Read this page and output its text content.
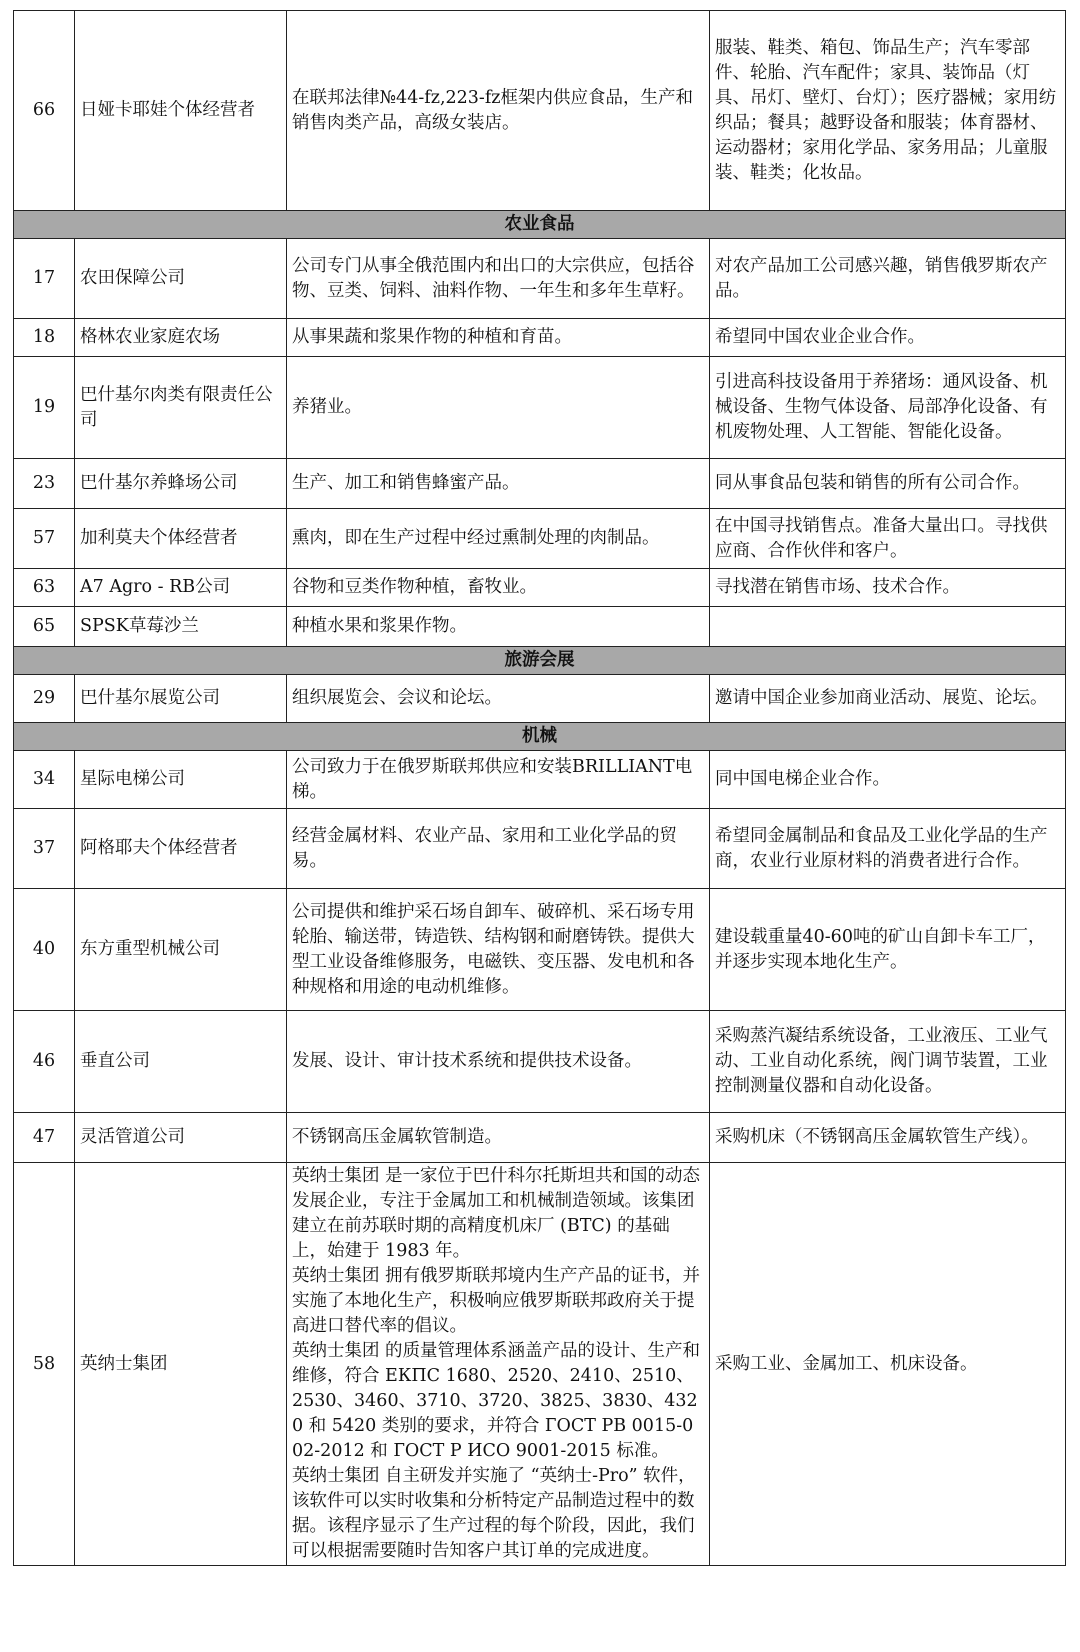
66	日娅卡耶娃个体经营者	在联邦法律№44-fz,223-fz框架内供应食品，生产和销售肉类产品，高级女装店。	服装、鞋类、箱包、饰品生产；汽车零部件、轮胎、汽车配件；家具、装饰品（灯具、吊灯、壁灯、台灯）；医疗器械；家用纺织品；餐具；越野设备和服装；体育器材、运动器材；家用化学品、家务用品；儿童服装、鞋类；化妆品。
农业食品			
17	农田保障公司	公司专门从事全俄范围内和出口的大宗供应，包括谷物、豆类、饲料、油料作物、一年生和多年生草籽。	对农产品加工公司感兴趣，销售俄罗斯农产品。
18	格林农业家庭农场	从事果蔬和浆果作物的种植和育苗。	希望同中国农业企业合作。
19	巴什基尔肉类有限责任公司	养猪业。	引进高科技设备用于养猪场：通风设备、机械设备、生物气体设备、局部净化设备、有机废物处理、人工智能、智能化设备。
23	巴什基尔养蜂场公司	生产、加工和销售蜂蜜产品。	同从事食品包装和销售的所有公司合作。
57	加利莫夫个体经营者	熏肉，即在生产过程中经过熏制处理的肉制品。	在中国寻找销售点。准备大量出口。寻找供应商、合作伙伴和客户。
63	A7 Agro - RB公司	谷物和豆类作物种植，畜牧业。	寻找潜在销售市场、技术合作。
65	SPSK草莓沙兰	种植水果和浆果作物。	
旅游会展			
29	巴什基尔展览公司	组织展览会、会议和论坛。	邀请中国企业参加商业活动、展览、论坛。
机械			
34	星际电梯公司	公司致力于在俄罗斯联邦供应和安装BRILLIANT电梯。	同中国电梯企业合作。
37	阿格耶夫个体经营者	经营金属材料、农业产品、家用和工业化学品的贸易。	希望同金属制品和食品及工业化学品的生产商，农业行业原材料的消费者进行合作。
40	东方重型机械公司	公司提供和维护采石场自卸车、破碎机、采石场专用轮胎、输送带，铸造铁、结构钢和耐磨铸铁。提供大型工业设备维修服务，电磁铁、变压器、发电机和各种规格和用途的电动机维修。	建设载重量40-60吨的矿山自卸卡车工厂，并逐步实现本地化生产。
46	垂直公司	发展、设计、审计技术系统和提供技术设备。	采购蒸汽凝结系统设备，工业液压、工业气动、工业自动化系统，阀门调节装置，工业控制测量仪器和自动化设备。
47	灵活管道公司	不锈钢高压金属软管制造。	采购机床（不锈钢高压金属软管生产线）。
58	英纳士集团	英纳士集团 是一家位于巴什科尔托斯坦共和国的动态发展企业，专注于金属加工和机械制造领域。该集团建立在前苏联时期的高精度机床厂 (BTC) 的基础上，始建于 1983 年。
英纳士集团 拥有俄罗斯联邦境内生产产品的证书，并实施了本地化生产，积极响应俄罗斯联邦政府关于提高进口替代率的倡议。
英纳士集团 的质量管理体系涵盖产品的设计、生产和维修，符合 ЕКПС 1680、2520、2410、2510、2530、3460、3710、3720、3825、3830、4320 和 5420 类别的要求，并符合 ГОСТ РВ 0015-002-2012 和 ГОСТ Р ИСО 9001-2015 标准。
英纳士集团 自主研发并实施了 “英纳士-Pro” 软件，该软件可以实时收集和分析特定产品制造过程中的数据。该程序显示了生产过程的每个阶段，因此，我们可以根据需要随时告知客户其订单的完成进度。	采购工业、金属加工、机床设备。
